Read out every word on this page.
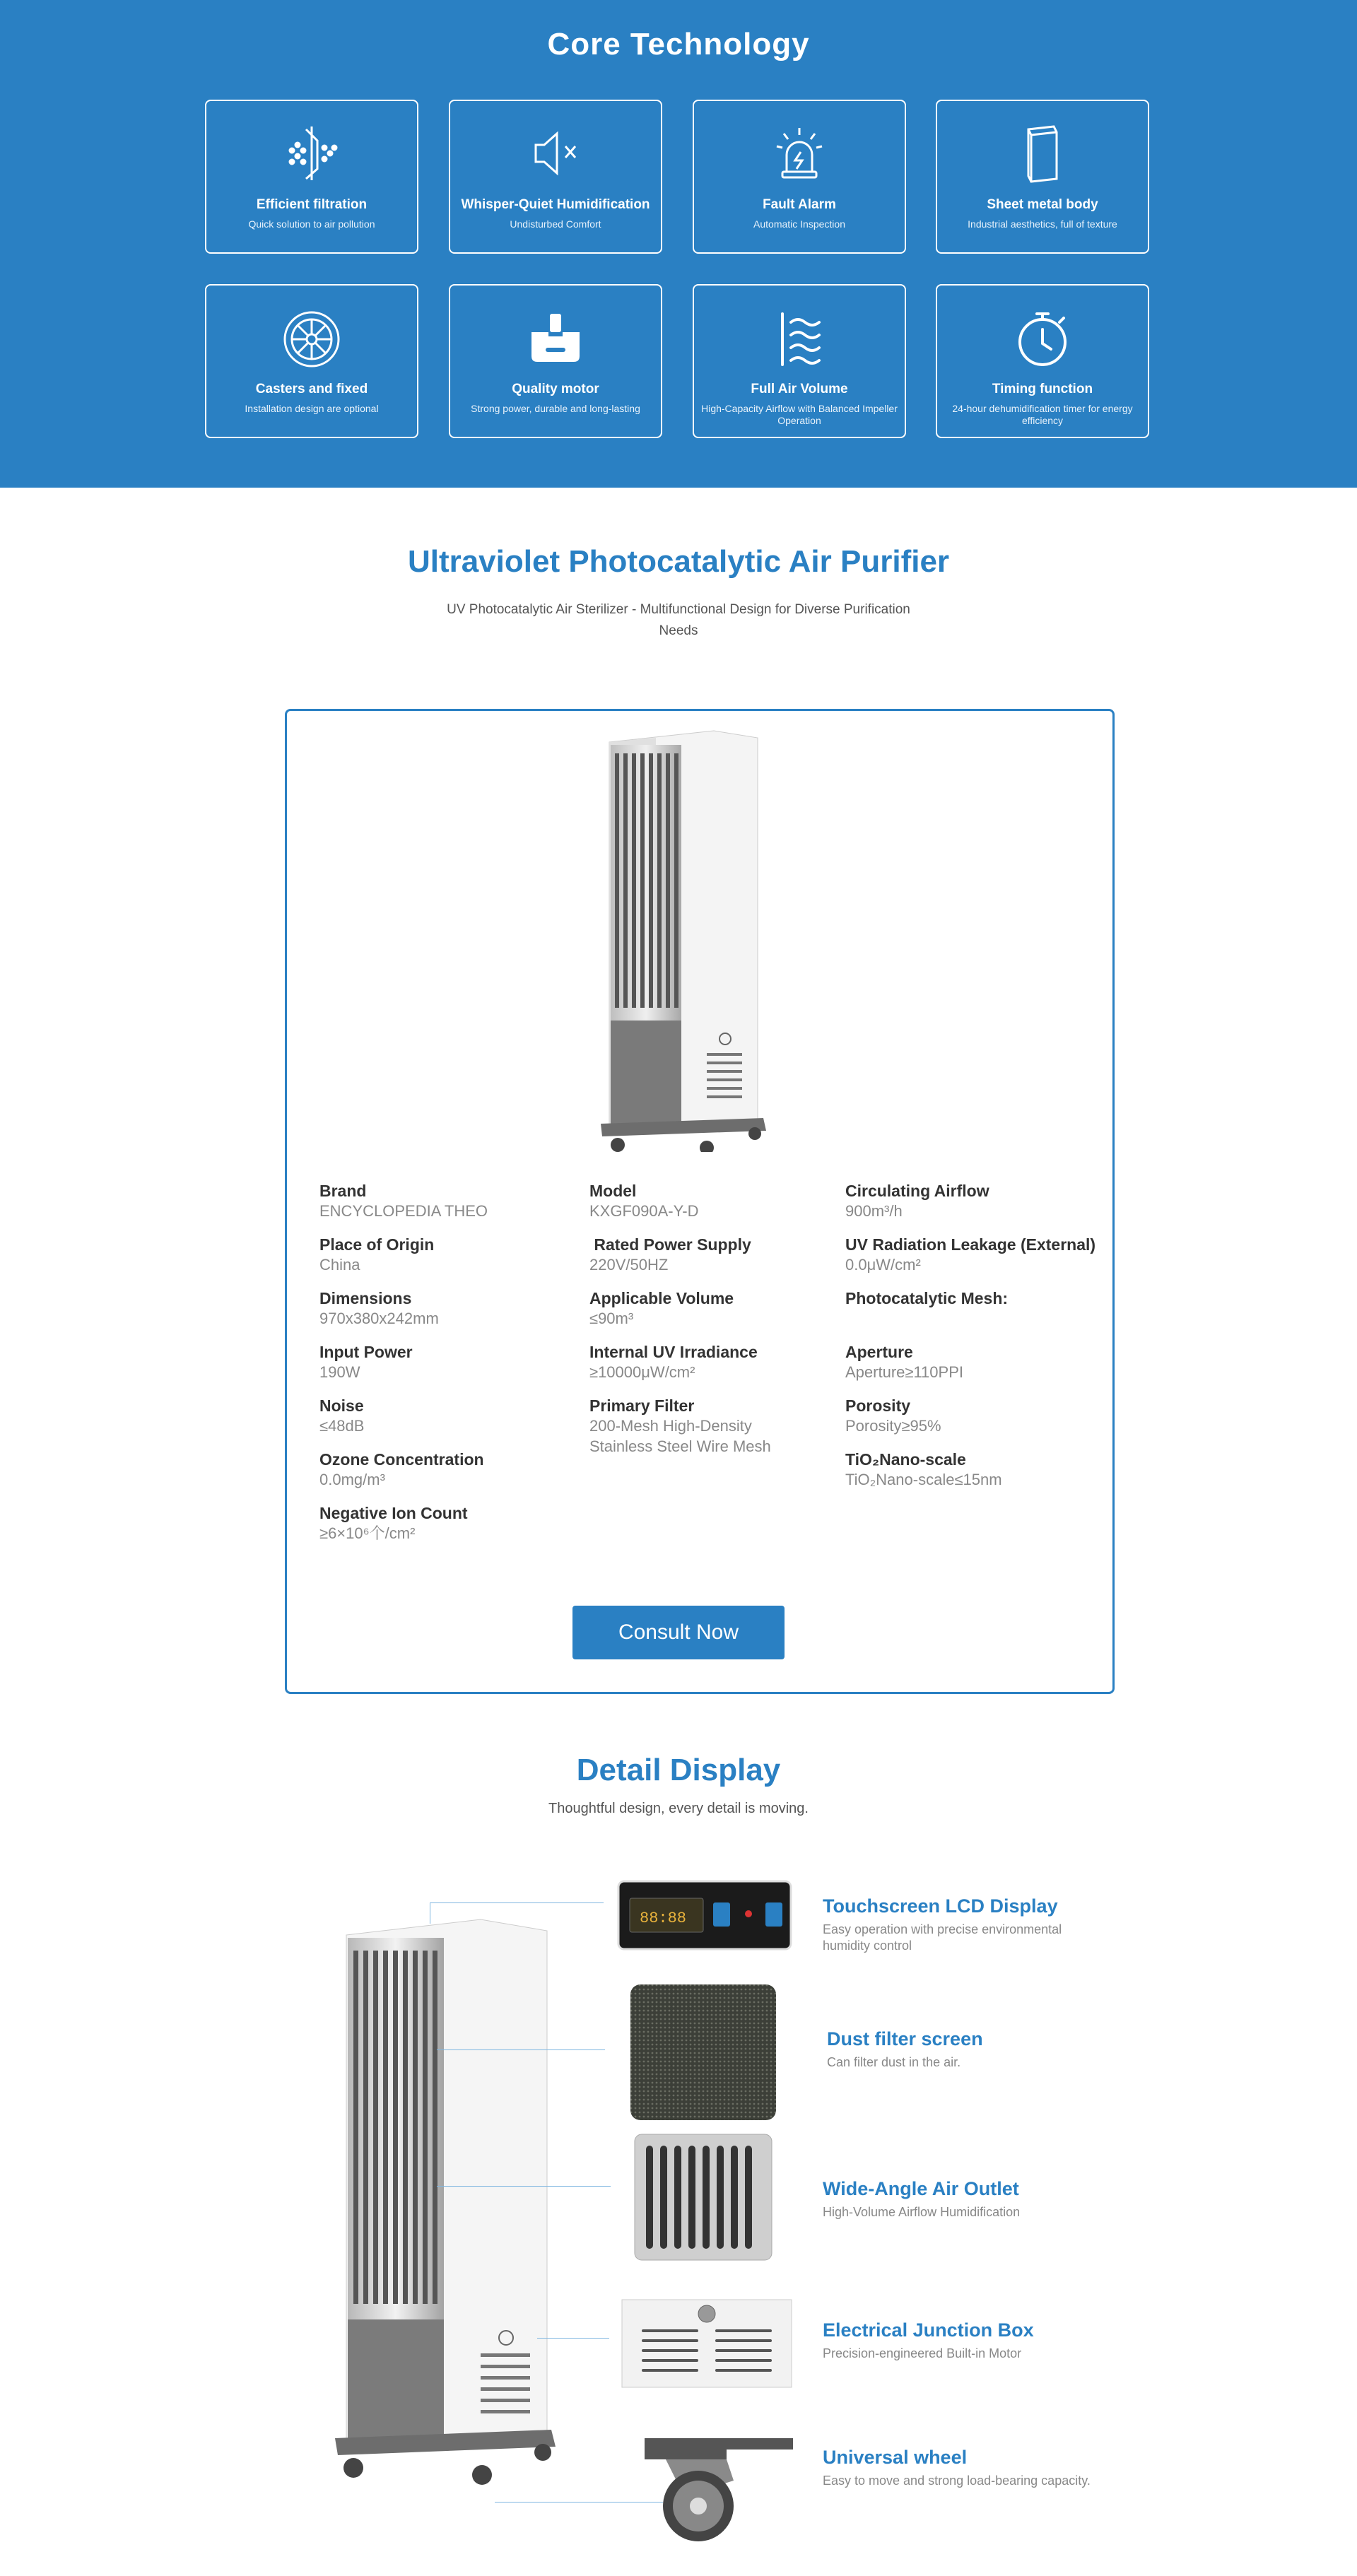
Core Technology
Efficient filtration
Quick solution to air pollution
Whisper-Quiet Humidification
Undisturbed Comfort
Fault Alarm
Automatic Inspection
Sheet metal body
Industrial aesthetics, full of texture
Casters and fixed
Installation design are optional
Quality motor
Strong power, durable and long-lasting
Full Air Volume
High-Capacity Airflow with Balanced Impeller Operation
Timing function
24-hour dehumidification timer for energy efficiency
Ultraviolet Photocatalytic Air Purifier
UV Photocatalytic Air Sterilizer - Multifunctional Design for Diverse Purification Needs
Brand
ENCYCLOPEDIA THEO
Place of Origin
China
Dimensions
970x380x242mm
Input Power
190W
Noise
≤48dB
Ozone Concentration
0.0mg/m³
Negative Ion Count
≥6×10⁶个/cm²
Model
KXGF090A-Y-D
Rated Power Supply
220V/50HZ
Applicable Volume
≤90m³
Internal UV Irradiance
≥10000μW/cm²
Primary Filter
200-Mesh High-Density
Stainless Steel Wire Mesh
Circulating Airflow
900m³/h
UV Radiation Leakage (External)
0.0μW/cm²
Photocatalytic Mesh:
Aperture
Aperture≥110PPI
Porosity
Porosity≥95%
TiO₂Nano-scale
TiO₂Nano-scale≤15nm
Consult Now
Detail Display
Thoughtful design, every detail is moving.
88:88
Touchscreen LCD Display
Easy operation with precise environmental humidity control
Dust filter screen
Can filter dust in the air.
Wide-Angle Air Outlet
High-Volume Airflow Humidification
Electrical Junction Box
Precision-engineered Built-in Motor
Universal wheel
Easy to move and strong load-bearing capacity.
